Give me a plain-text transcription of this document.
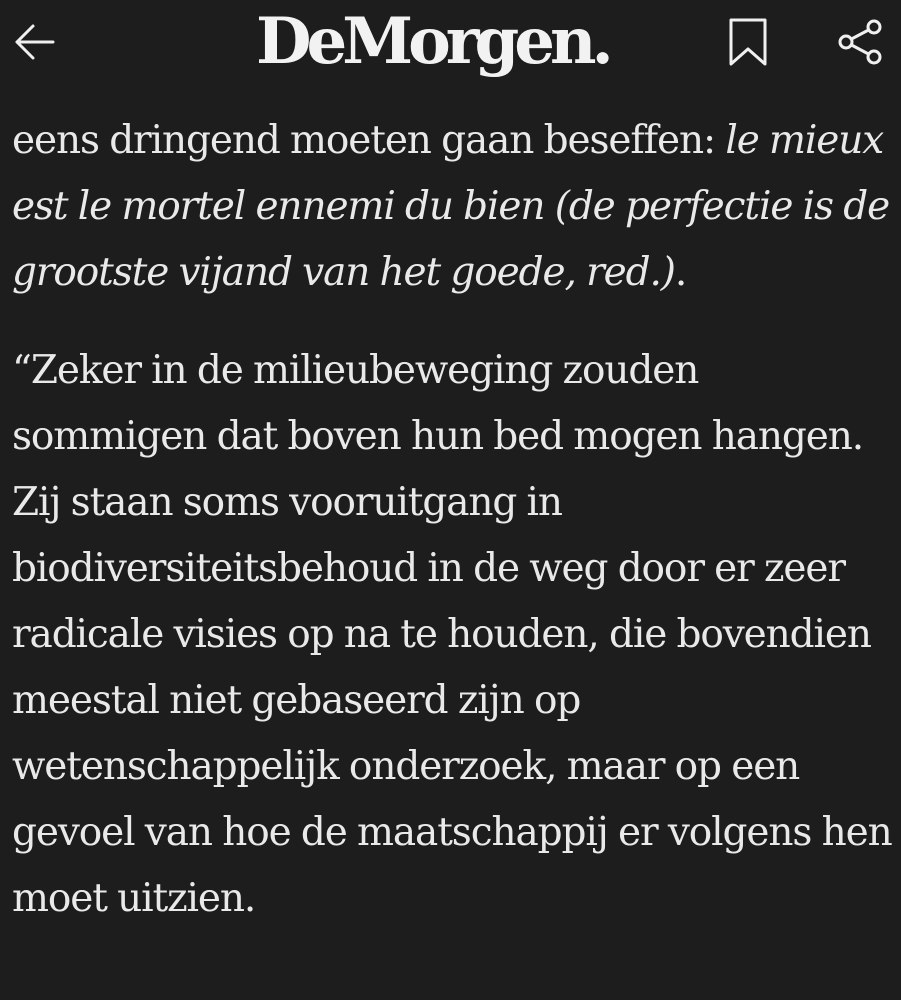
DeMorgen.

eens dringend moeten gaan beseffen: le mieux est le mortel ennemi du bien (de perfectie is de grootste vijand van het goede, red.).

“Zeker in de milieubeweging zouden sommigen dat boven hun bed mogen hangen. Zij staan soms vooruitgang in biodiversiteitsbehoud in de weg door er zeer radicale visies op na te houden, die bovendien meestal niet gebaseerd zijn op wetenschappelijk onderzoek, maar op een gevoel van hoe de maatschappij er volgens hen moet uitzien.
